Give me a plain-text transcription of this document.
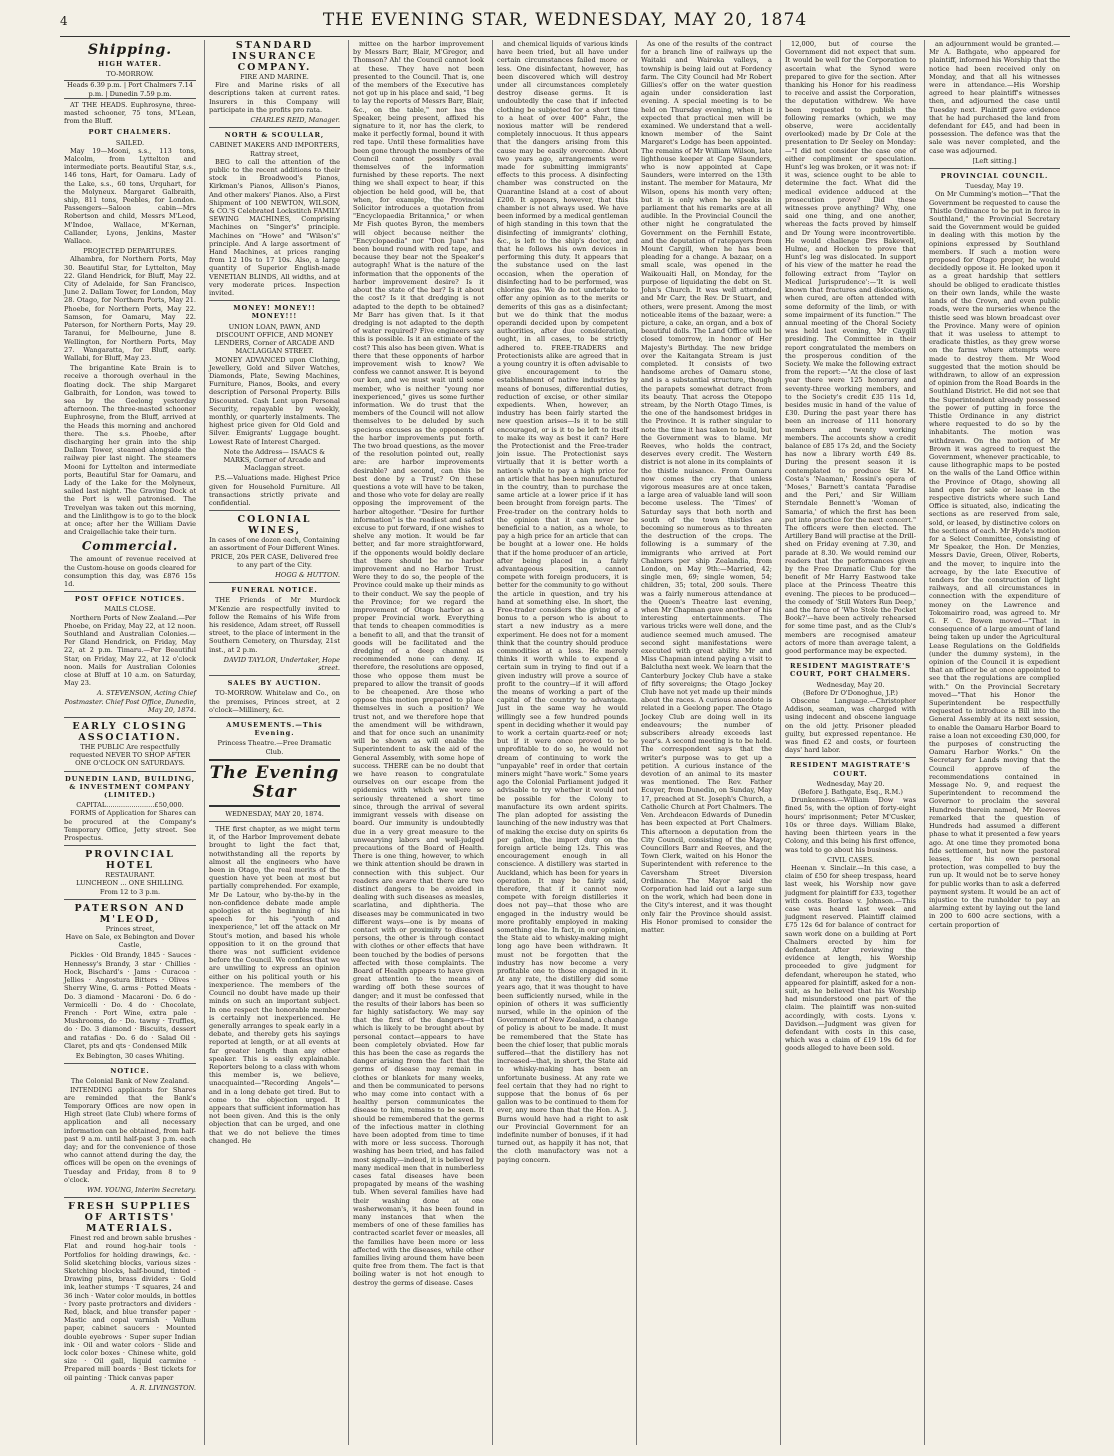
4	THE EVENING STAR, WEDNESDAY, MAY 20, 1874
Shipping.
HIGH WATER.
TO-MORROW.
Heads 6.39 p.m. | Port Chalmers 7.14 p.m. | Dunedin 7.59 p.m.

AT THE HEADS. Euphrosyne, three-masted schooner, 75 tons, M'Lean, from the Bluff.

PORT CHALMERS.
SAILED.

May 19—Mooni, s.s., 113 tons, Malcolm, from Lyttelton and intermediate ports. Beautiful Star, s.s., 146 tons, Hart, for Oamaru. Lady of the Lake, s.s., 60 tons, Urquhart, for the Molyneux. Margaret Galbraith, ship, 811 tons, Peebles, for London. Passengers—Saloon cabin—Mrs Robertson and child, Messrs M'Leod, M'Indoe, Wallace, M'Kernan, Callander, Lyons, Jenkins, Master Wallace.

PROJECTED DEPARTURES.

Alhambra, for Northern Ports, May 30. Beautiful Star, for Lyttelton, May 22. Gland Hendrick, for Bluff, May 22. City of Adelaide, for San Francisco, June 2. Dallam Tower, for London, May 28. Otago, for Northern Ports, May 21. Phoebe, for Northern Ports, May 22. Samson, for Oamaru, May 22. Paterson, for Northern Ports, May 29. Taranui, for Melbourne, June 8. Wellington, for Northern Ports, May 27. Wangaratta, for Bluff, early. Wallabi, for Bluff, May 23.

The brigantine Kate Brain is to receive a thorough overhaul in the floating dock. The ship Margaret Galbraith, for London, was towed to sea by the Geelong yesterday afternoon. The three-masted schooner Euphrosyne, from the Bluff, arrived at the Heads this morning and anchored there. The s.s. Phoebe, after discharging her grain into the ship Dallam Tower, steamed alongside the railway pier last night. The steamers Mooni for Lyttelton and intermediate ports, Beautiful Star for Oamaru, and Lady of the Lake for the Molyneux, sailed last night. The Graving Dock at the Port is well patronised. The Trevelyan was taken out this morning, and the Linlithgow is to go to the block at once; after her the William Davie and Craigellachie take their turn.

Commercial.

The amount of revenue received at the Custom-house on goods cleared for consumption this day, was £876 15s 1d.

POST OFFICE NOTICES.
MAILS CLOSE.

Northern Ports of New Zealand.—Per Phoebe, on Friday, May 22, at 12 noon. Southland and Australian Colonies.—Per Gland Hendrick, on Friday, May 22, at 2 p.m. Timaru.—Per Beautiful Star, on Friday, May 22, at 12 o'clock noon. Mails for Australian Colonies close at Bluff at 10 a.m. on Saturday, May 23.

A. STEVENSON, Acting Chief Postmaster. Chief Post Office, Dunedin, May 20, 1874.

EARLY CLOSING ASSOCIATION.

THE PUBLIC Are respectfully requested NEVER TO SHOP AFTER ONE O'CLOCK ON SATURDAYS.

DUNEDIN LAND, BUILDING, & INVESTMENT COMPANY (LIMITED.)
CAPITAL.......................£50,000.

FORMS of Application for Shares can be procured at the Company's Temporary Office, Jetty street. See Prospectus.

PROVINCIAL HOTEL
RESTAURANT.
LUNCHEON ... ONE SHILLING.
From 12 to 3 p.m.
PATERSON AND M'LEOD,
Princes street,

Have on Sale, ex Bebington and Dover Castle,

Pickles · Old Brandy, 1845 · Sauces · Hennessy's Brandy, 3 star · Chillies · Hock, Bischard's · Jams · Curacoa · Jellies · Angostura Bitters · Olives · Sherry Wine, G. arms · Potted Meats · Do. 3 diamond · Macaroni · Do. 6 do · Vermicelli · Do. 4 do · Chocolate, French · Port Wine, extra pale · Mushrooms, do · Do. tawny · Truffles, do · Do. 3 diamond · Biscuits, dessert and ratafias · Do. 6 do · Salad Oil · Claret, pts and qts · Condensed Milk

Ex Bebington, 30 cases Whiting.

NOTICE.
The Colonial Bank of New Zealand.

INTENDING applicants for Shares are reminded that the Bank's Temporary Offices are now open in High street (late Club) where forms of application and all necessary information can be obtained, from half-past 9 a.m. until half-past 3 p.m. each day; and for the convenience of those who cannot attend during the day, the offices will be open on the evenings of Tuesday and Friday, from 8 to 9 o'clock.

WM. YOUNG, Interim Secretary.

FRESH SUPPLIES OF ARTISTS' MATERIALS.

Finest red and brown sable brushes · Flat and round hog-hair tools · Portfolios for holding drawings, &c. · Solid sketching blocks, various sizes · Sketching blocks, half-bound, tinted · Drawing pins, brass dividers · Gold ink, leather stumps · T squares, 24 and 36 inch · Water color moulds, in bottles · Ivory paste protractors and dividers · Red, black, and blue transfer paper · Mastic and copal varnish · Vellum paper, cabinet saucers · Mounted double eyebrows · Super super Indian ink · Oil and water colors · Slide and lock color boxes · Chinese white, gold size · Oil gall, liquid carmine · Prepared mill boards · Best tickets for oil painting · Thick canvas paper

A. R. LIVINGSTON.

STANDARD INSURANCE COMPANY.
FIRE AND MARINE.

Fire and Marine risks of all descriptions taken at current rates. Insurers in this Company will participate in the profits pro rata.

CHARLES REID, Manager.

NORTH & SCOULLAR,
CABINET MAKERS AND IMPORTERS, Rattray street,

BEG to call the attention of the public to the recent additions to their stock in Broadwood's Pianos, Kirkman's Pianos, Allison's Pianos, And other makers' Pianos. Also, a First Shipment of 100 NEWTON, WILSON, & CO.'S Celebrated Lockstitch FAMILY SEWING MACHINES, Comprising Machines on "Singer's" principle. Machines on "Howe" and "Wilson's" principle. And A large assortment of Hand Machines, at prices ranging from 12 10s to 17 10s. Also, a large quantity of Superior English-made VENETIAN BLINDS, All widths, and at very moderate prices. Inspection invited.

MONEY! MONEY!! MONEY!!!
UNION LOAN, PAWN, AND DISCOUNT OFFICE, AND MONEY LENDERS, Corner of ARCADE AND MACLAGGAN STREET.

MONEY ADVANCED upon Clothing, Jewellery, Gold and Silver Watches, Diamonds, Plate, Sewing Machines, Furniture, Pianos, Books, and every description of Personal Property. Bills Discounted. Cash Lent upon Personal Security, repayable by weekly, monthly, or quarterly instalments. The highest price given for Old Gold and Silver. Emigrants' Luggage bought. Lowest Rate of Interest Charged.

Note the Address— ISAACS & MARKS, Corner of Arcade and Maclaggan street.

P.S.—Valuations made. Highest Price given for Household Furniture. All transactions strictly private and confidential.

COLONIAL WINES,

In cases of one dozen each, Containing an assortment of Four Different Wines. PRICE, 20s PER CASE, Delivered free to any part of the City.

HOGG & HUTTON.

FUNERAL NOTICE.

THE Friends of Mr Murdock M'Kenzie are respectfully invited to follow the Remains of his Wife from his residence, Adam street, off Russell street, to the place of interment in the Southern Cemetery, on Thursday, 21st inst., at 2 p.m.

DAVID TAYLOR, Undertaker, Hope street.

SALES BY AUCTION.

TO-MORROW. Whitelaw and Co., on the premises, Princes street, at 2 o'clock—Millinery, &c.

AMUSEMENTS.—This Evening.

Princess Theatre.—Free Dramatic Club.

The Evening Star
WEDNESDAY, MAY 20, 1874.

THE first chapter, as we might term it, of the Harbor Improvement debate brought to light the fact that, notwithstanding all the reports by almost all the engineers who have been in Otago, the real merits of the question have yet been at most but partially comprehended. For example, Mr De Latour, who by-the-by in the non-confidence debate made ample apologies at the beginning of his speech for his "youth and inexperience," let off the attack on Mr Stout's motion, and based his whole opposition to it on the ground that there was not sufficient evidence before the Council. We confess that we are unwilling to express an opinion either on his political youth or his inexperience. The members of the Council no doubt have made up their minds on such an important subject. In one respect the honorable member is certainly not inexperienced. He generally arranges to speak early in a debate, and thereby gets his sayings reported at length, or at all events at far greater length than any other speaker. This is easily explainable. Reporters belong to a class with whom this member is, we believe, unacquainted—"Recording Angels"—and in a long debate get tired. But to come to the objection urged. It appears that sufficient information has not been given. And this is the only objection that can be urged, and one that we do not believe the times changed. He

mittee on the harbor improvement by Messrs Barr, Blair, M'Gregor, and Thomson? Ah! the Council cannot look at these. They have not been presented to the Council. That is, one of the members of the Executive has not got up in his place and said, "I beg to lay the reports of Messrs Barr, Blair, &c., on the table," nor has the Speaker, being present, affixed his signature to it, nor has the clerk, to make it perfectly formal, bound it with red tape. Until these formalities have been gone through the members of the Council cannot possibly avail themselves of the information furnished by these reports. The next thing we shall expect to hear, if this objection be held good, will be, that when, for example, the Provincial Solicitor introduces a quotation from "Encyclopaedia Britannica," or when Mr Fish quotes Byron, the members will object because neither the "Encyclopaedia" nor "Don Juan" has been bound round with red tape, and because they bear not the Speaker's autograph! What is the nature of the information that the opponents of the harbor improvement desire? Is it about the state of the bar? Is it about the cost? Is it that dredging is not adapted to the depth to be obtained? Mr Barr has given that. Is it that dredging is not adapted to the depth of water required? Five engineers say this is possible. Is it an estimate of the cost? This also has been given. What is there that these opponents of harbor improvement wish to know? We confess we cannot answer. It is beyond our ken, and we must wait until some member, who is neither "young nor inexperienced," gives us some further information. We do trust that the members of the Council will not allow themselves to be deluded by such specious excuses as the opponents of the harbor improvements put forth. The two broad questions, as the mover of the resolution pointed out, really are: are harbor improvements desirable? and second, can this be best done by a Trust? On these questions a vote will have to be taken, and those who vote for delay are really opposing the improvement of the harbor altogether. "Desire for further information" is the readiest and safest excuse to put forward, if one wishes to shelve any motion. It would be far better, and far more straightforward, if the opponents would boldly declare that there should be no harbor improvement and no Harbor Trust. Were they to do so, the people of the Province could make up their minds as to their conduct. We say the people of the Province; for we regard the improvement of Otago harbor as a proper Provincial work. Everything that tends to cheapen commodities is a benefit to all, and that the transit of goods will be facilitated and the dredging of a deep channel as recommended none can deny. If, therefore, the resolutions are opposed, those who oppose them must be prepared to allow the transit of goods to be cheapened. Are those who oppose this motion prepared to place themselves in such a position? We trust not, and we therefore hope that the amendment will be withdrawn, and that for once such an unanimity will be shown as will enable the Superintendent to ask the aid of the General Assembly, with some hope of success. THERE can be no doubt that we have reason to congratulate ourselves on our escape from the epidemics with which we were so seriously threatened a short time since, through the arrival of several immigrant vessels with disease on board. Our immunity is undoubtedly due in a very great measure to the unwearying labors and well-judged precautions of the Board of Health. There is one thing, however, to which we think attention should be drawn in connection with this subject. Our readers are aware that there are two distinct dangers to be avoided in dealing with such diseases as measles, scarlatina, and diphtheria. The diseases may be communicated in two different ways—one is by means of contact with or proximity to diseased persons, the other is through contact with clothes or other effects that have been touched by the bodies of persons affected with those complaints. The Board of Health appears to have given great attention to the means of warding off both these sources of danger; and it must be confessed that the results of their labors has been so far highly satisfactory. We may say that the first of the dangers—that which is likely to be brought about by personal contact—appears to have been completely obviated. How far this has been the case as regards the danger arising from the fact that the germs of disease may remain in clothes or blankets for many weeks, and then be communicated to persons who may come into contact with a healthy person communicates the disease to him, remains to be seen. It should be remembered that the germs of the infectious matter in clothing have been adopted from time to time with more or less success. Thorough washing has been tried, and has failed most signally—indeed, it is believed by many medical men that in numberless cases fatal diseases have been propagated by means of the washing tub. When several families have had their washing done at one washerwoman's, it has been found in many instances that when the members of one of these families has contracted scarlet fever or measles, all the families have been more or less affected with the diseases, while other families living around them have been quite free from them. The fact is that boiling water is not hot enough to destroy the germs of disease. Cases

and chemical liquids of various kinds have been tried, but all have under certain circumstances failed more or less. One disinfectant, however, has been discovered which will destroy under all circumstances completely destroy disease germs. It is undoubtedly the case that if infected clothing be subjected for a short time to a heat of over 400° Fahr., the noxious matter will be rendered completely innocuous. It thus appears that the dangers arising from this cause may be easily overcome. About two years ago, arrangements were made for submitting immigrants' effects to this process. A disinfecting chamber was constructed on the Quarantine Island at a cost of about £200. It appears, however, that this chamber is not always used. We have been informed by a medical gentleman of high standing in this town that the disinfecting of immigrants' clothing, &c., is left to the ship's doctor, and that he follows his own devices in performing this duty. It appears that the substance used on the last occasion, when the operation of disinfecting had to be performed, was chlorine gas. We do not undertake to offer any opinion as to the merits or demerits of this gas as a disinfectant; but we do think that the modus operandi decided upon by competent authorities, after due consideration, ought, in all cases, to be strictly adhered to. FREE-TRADERS and Protectionists alike are agreed that in a young country it is often advisable to give encouragement to the establishment of native industries by means of bonuses, differential duties, reduction of excise, or other similar expedients. When, however, an industry has been fairly started the new question arises—Is it to be still encouraged, or is it to be left to itself to make its way as best it can? Here the Protectionist and the Free-trader join issue. The Protectionist says virtually that it is better worth a nation's while to pay a high price for an article that has been manufactured in the country, than to purchase the same article at a lower price if it has been brought from foreign parts. The Free-trader on the contrary holds to the opinion that it can never be beneficial to a nation, as a whole, to pay a high price for an article that can be bought at a lower one. He holds that if the home producer of an article, after being placed in a fairly advantageous position, cannot compete with foreign producers, it is better for the community to go without the article in question, and try his hand at something else. In short, the Free-trader considers the giving of a bonus to a person who is about to start a new industry as a mere experiment. He does not for a moment think that the country should produce commodities at a loss. He merely thinks it worth while to expend a certain sum in trying to find out if a given industry will prove a source of profit to the country—if it will afford the means of working a part of the capital of the country to advantage. Just in the same way he would willingly see a few hundred pounds spent in deciding whether it would pay to work a certain quartz-reef or not; but if it were once proved to be unprofitable to do so, he would not dream of continuing to work the "unpayable" reef in order that certain miners might "have work." Some years ago the Colonial Parliament judged it advisable to try whether it would not be possible for the Colony to manufacture its own ardent spirits. The plan adopted for assisting the launching of the new industry was that of making the excise duty on spirits 6s per gallon, the import duty on the foreign article being 12s. This was encouragement enough in all conscience. A distillery was started in Auckland, which has been for years in operation. It may be fairly said, therefore, that if it cannot now compete with foreign distilleries it does not pay—that those who are engaged in the industry would be more profitably employed in making something else. In fact, in our opinion, the State aid to whisky-making might long ago have been withdrawn. It must not be forgotten that the industry has now become a very profitable one to those engaged in it. At any rate, the distillery did some years ago, that it was thought to have been sufficiently nursed, while in the opinion of others it was sufficiently nursed, while in the opinion of the Government of New Zealand, a change of policy is about to be made. It must be remembered that the State has been the chief loser, that public morals suffered—that the distillery has not increased—that, in short, the State aid to whisky-making has been an unfortunate business. At any rate we feel certain that they had no right to suppose that the bonus of 6s per gallon was to be continued to them for ever, any more than that the Hon. A. J. Burns would have had a right to ask our Provincial Government for an indefinite number of bonuses, if it had turned out, as happily it has not, that the cloth manufactory was not a paying concern.

As one of the results of the contract for a branch line of railways up the Waitaki and Waireka valleys, a township is being laid out at Fordency farm. The City Council had Mr Robert Gillies's offer on the water question again under consideration last evening. A special meeting is to be held on Thursday evening, when it is expected that practical men will be examined. We understand that a well-known member of the Saint Margaret's Lodge has been appointed. The remains of Mr William Wilson, late lighthouse keeper at Cape Saunders, who is now appointed at Cape Saunders, were interred on the 13th instant. The member for Mataura, Mr Wilson, opens his month very often; but it is only when he speaks in parliament that his remarks are at all audible. In the Provincial Council the other night he congratulated the Government on the Fernhill Estate, and the deputation of ratepayers from Mount Cargill, when he has been pleading for a change. A bazaar, on a small scale, was opened in the Waikouaiti Hall, on Monday, for the purpose of liquidating the debt on St. John's Church. It was well attended, and Mr Carr, the Rev. Dr Stuart, and others, were present. Among the most noticeable items of the bazaar, were: a picture, a cake, an organ, and a box of beautiful dolls. The Land Office will be closed tomorrow, in honor of Her Majesty's Birthday. The new bridge over the Kaitangata Stream is just completed. It consists of two handsome arches of Oamaru stone, and is a substantial structure, though the parapets somewhat detract from its beauty. That across the Otepopo stream, by the North Otago Times, is the one of the handsomest bridges in the Province. It is rather singular to note the time it has taken to build, but the Government was to blame. Mr Reeves, who holds the contract, deserves every credit. The Western district is not alone in its complaints of the thistle nuisance. From Oamaru now comes the cry that unless vigorous measures are at once taken, a large area of valuable land will soon become useless. The 'Times' of Saturday says that both north and south of the town thistles are becoming so numerous as to threaten the destruction of the crops. The following is a summary of the immigrants who arrived at Port Chalmers per ship Zealandia, from London, on May 9th:—Married, 42; single men, 69; single women, 54; children, 35; total, 200 souls. There was a fairly numerous attendance at the Queen's Theatre last evening, when Mr Chapman gave another of his interesting entertainments. The various tricks were well done, and the audience seemed much amused. The second sight manifestations were executed with great ability. Mr and Miss Chapman intend paying a visit to Balclutha next week. We learn that the Canterbury Jockey Club have a stake of fifty sovereigns; the Otago Jockey Club have not yet made up their minds about the races. A curious anecdote is related in a Geelong paper. The Otago Jockey Club are doing well in its endeavours; the number of subscribers already exceeds last year's. A second meeting is to be held. The correspondent says that the writer's purpose was to get up a petition. A curious instance of the devotion of an animal to its master was mentioned. The Rev. Father Ecuyer, from Dunedin, on Sunday, May 17, preached at St. Joseph's Church, a Catholic Church at Port Chalmers. The Ven. Archdeacon Edwards of Dunedin has been expected at Port Chalmers. This afternoon a deputation from the City Council, consisting of the Mayor, Councillors Barr and Reeves, and the Town Clerk, waited on his Honor the Superintendent with reference to the Caversham Street Diversion Ordinance. The Mayor said the Corporation had laid out a large sum on the work, which had been done in the City's interest, and it was thought only fair the Province should assist. His Honor promised to consider the matter.

12,000, but of course the Government did not expect that sum. It would be well for the Corporation to ascertain what the Synod were prepared to give for the section. After thanking his Honor for his readiness to receive and assist the Corporation, the deputation withdrew. We have been requested to publish the following remarks (which, we may observe, were accidentally overlooked) made by Dr Cole at the presentation to Dr Seeley on Monday:—"I did not consider the case one of either compliment or speculation. Hunt's leg was broken, or it was not: if it was, science ought to be able to determine the fact. What did the medical evidence adduced at the prosecution prove? Did these witnesses prove anything? Why, one said one thing, and one another, whereas the facts proved by himself and Dr Young were incontrovertible. He would challenge Drs Bakewell, Hulme, and Hocken to prove that Hunt's leg was dislocated. In support of his view of the matter he read the following extract from 'Taylor on Medical Jurisprudence':—'It is well known that fractures and dislocations, when cured, are often attended with some deformity of the limb, or with some impairment of its function.'" The annual meeting of the Choral Society was held last evening, Mr Caygill presiding. The Committee in their report congratulated the members on the prosperous condition of the Society. We make the following extract from the report:—"At the close of last year there were 125 honorary and seventy-three working members, and to the Society's credit £35 11s 1d, besides music in hand of the value of £30. During the past year there has been an increase of 111 honorary members and twenty working members. The accounts show a credit balance of £85 17s 2d, and the Society has now a library worth £49 8s. During the present season it is contemplated to produce Sir M. Costa's 'Naaman,' Rossini's opera of 'Moses,' Barnett's cantata 'Paradise and the Peri,' and Sir William Sterndale Bennett's 'Woman of Samaria,' of which the first has been put into practice for the next concert." The officers were then elected. The Artillery Band will practise at the Drill-shed on Friday evening at 7.30, and parade at 8.30. We would remind our readers that the performances given by the Free Dramatic Club for the benefit of Mr Harry Eastwood take place at the Princess Theatre this evening. The pieces to be produced—the comedy of 'Still Waters Run Deep,' and the farce of 'Who Stole the Pocket Book?'—have been actively rehearsed for some time past, and as the Club's members are recognised amateur actors of more than average talent, a good performance may be expected.

RESIDENT MAGISTRATE'S COURT, PORT CHALMERS.
Wednesday, May 20.
(Before Dr O'Donoghue, J.P.)

Obscene Language.—Christopher Addison, seaman, was charged with using indecent and obscene language on the old jetty. Prisoner pleaded guilty, but expressed repentance. He was fined £2 and costs, or fourteen days' hard labor.

RESIDENT MAGISTRATE'S COURT.
Wednesday, May 20.
(Before J. Bathgate, Esq., R.M.)

Drunkenness.—William Dow was fined 5s, with the option of forty-eight hours' imprisonment; Peter M'Cusker, 10s or three days. William Blake, having been thirteen years in the Colony, and this being his first offence, was told to go about his business.

CIVIL CASES.

Heenan v. Sinclair.—In this case, a claim of £50 for sheep trespass, heard last week, his Worship now gave judgment for plaintiff for £33, together with costs. Borlase v. Johnson.—This case was heard last week and judgment reserved. Plaintiff claimed £75 12s 6d for balance of contract for sawn work done on a building at Port Chalmers erected by him for defendant. After reviewing the evidence at length, his Worship proceeded to give judgment for defendant, whereupon he stated, who appeared for plaintiff, asked for a non-suit, as he believed that his Worship had misunderstood one part of the claim. The plaintiff was non-suited accordingly, with costs. Lyons v. Davidson.—Judgment was given for defendant with costs in this case, which was a claim of £19 19s 6d for goods alleged to have been sold.

an adjournment would be granted.—Mr A. Bathgate, who appeared for plaintiff, informed his Worship that the notice had been received only on Monday, and that all his witnesses were in attendance.—His Worship agreed to hear plaintiff's witnesses then, and adjourned the case until Tuesday next. Plaintiff gave evidence that he had purchased the land from defendant for £45, and had been in possession. The defence was that the sale was never completed, and the case was adjourned.

[Left sitting.]
PROVINCIAL COUNCIL.
Tuesday, May 19.

On Mr Cumming's motion—"That the Government be requested to cause the Thistle Ordinance to be put in force in Southland," the Provincial Secretary said the Government would be guided in dealing with this motion by the opinions expressed by Southland members. If such a motion were proposed for Otago proper, he would decidedly oppose it. He looked upon it as a great hardship that settlers should be obliged to eradicate thistles on their own lands, while the waste lands of the Crown, and even public roads, were the nurseries whence the thistle seed was blown broadcast over the Province. Many were of opinion that it was useless to attempt to eradicate thistles, as they grew worse on the farms where attempts were made to destroy them. Mr Wood suggested that the motion should be withdrawn, to allow of an expression of opinion from the Road Boards in the Southland District. He did not see that the Superintendent already possessed the power of putting in force the Thistle Ordinance in any district where requested to do so by the inhabitants. The motion was withdrawn. On the motion of Mr Brown it was agreed to request the Government, whenever practicable, to cause lithographic maps to be posted on the walls of the Land Office within the Province of Otago, showing all land open for sale or lease in the respective districts where such Land Office is situated, also, indicating the sections as are reserved from sale, sold, or leased, by distinctive colors on the sections of each. Mr Hyde's motion for a Select Committee, consisting of Mr Speaker, the Hon. Dr Menzies, Messrs Davie, Green, Oliver, Roberts, and the mover, to inquire into the acreage, by the late Executive of tenders for the construction of light railways, and all circumstances in connection with the expenditure of money on the Lawrence and Tokomairiro road, was agreed to. Mr G. F. C. Bowen moved—"That in consequence of a large amount of land being taken up under the Agricultural Lease Regulations on the Goldfields (under the dummy system), in the opinion of the Council it is expedient that an officer be at once appointed to see that the regulations are complied with." On the Provincial Secretary moved—"That his Honor the Superintendent be respectfully requested to introduce a Bill into the General Assembly at its next session, to enable the Oamaru Harbor Board to raise a loan not exceeding £30,000, for the purposes of constructing the Oamaru Harbor Works." On the Secretary for Lands moving that the Council approve of the recommendations contained in Message No. 9, and request the Superintendent to recommend the Governor to proclaim the several Hundreds therein named, Mr Reeves remarked that the question of Hundreds had assumed a different phase to what it presented a few years ago. At one time they promoted bona fide settlement, but now the pastoral leases, for his own personal protection, was compelled to buy the run up. It would not be to serve honey for public works than to ask a deferred payment system. It would be an act of injustice to the runholder to pay an alarming extent by laying out the land in 200 to 600 acre sections, with a certain proportion of
